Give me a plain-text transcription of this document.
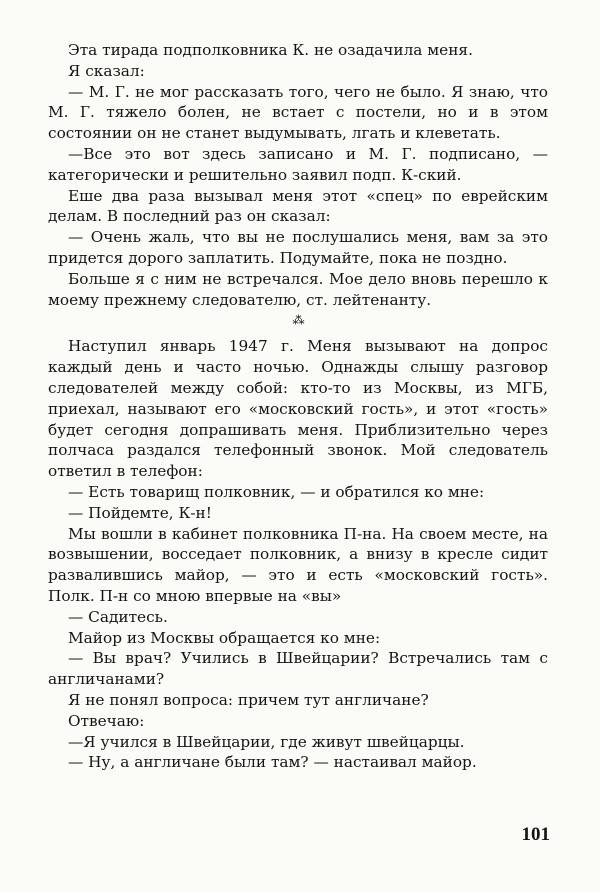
Эта тирада подполковника К. не озадачила меня.

Я сказал:

— М. Г. не мог рассказать того, чего не было. Я знаю, что М. Г. тяжело болен, не встает с постели, но и в этом состоянии он не станет выдумывать, лгать и клеветать.

—Все это вот здесь записано и М. Г. подписано, — категорически и решительно заявил подп. К-ский.

Еше два раза вызывал меня этот «спец» по еврейским делам. В последний раз он сказал:

— Очень жаль, что вы не послушались меня, вам за это придется дорого заплатить. Подумайте, пока не поздно.

Больше я с ним не встречался. Мое дело вновь перешло к моему прежнему следователю, ст. лейтенанту.

⁂

Наступил январь 1947 г. Меня вызывают на допрос каждый день и часто ночью. Однажды слышу разговор следователей между собой: кто-то из Москвы, из МГБ, приехал, называют его «московский гость», и этот «гость» будет сегодня допрашивать меня. Приблизительно через полчаса раздался телефонный звонок. Мой следователь ответил в телефон:

— Есть товарищ полковник, — и обратился ко мне:

— Пойдемте, К-н!

Мы вошли в кабинет полковника П-на. На своем месте, на возвышении, восседает полковник, а внизу в кресле сидит развалившись майор, — это и есть «московский гость». Полк. П-н со мною впервые на «вы»

— Садитесь.

Майор из Москвы обращается ко мне:

— Вы врач? Учились в Швейцарии? Встречались там с англичанами?

Я не понял вопроса: причем тут англичане?

Отвечаю:

—Я учился в Швейцарии, где живут швейцарцы.

— Ну, а англичане были там? — настаивал майор.

101
